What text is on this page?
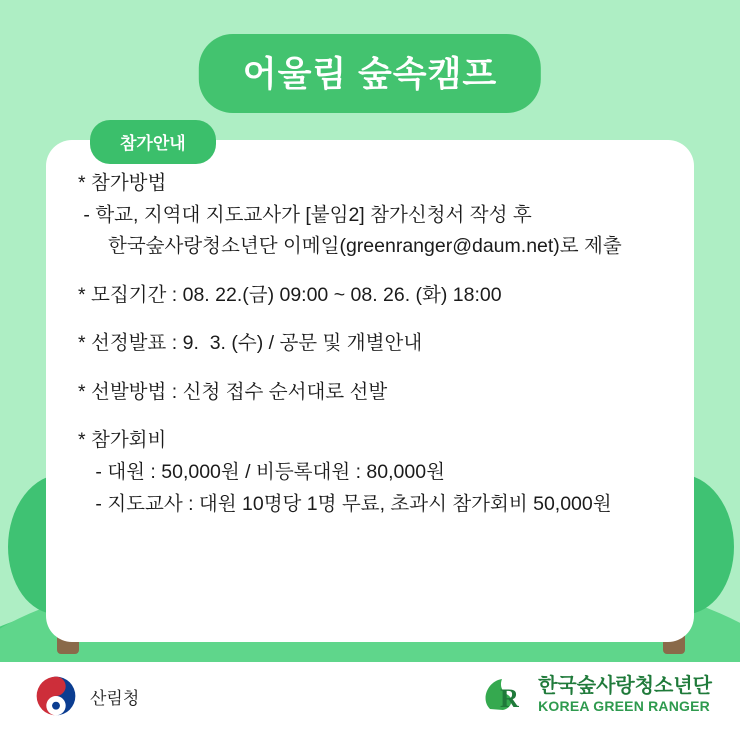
어울림 숲속캠프
참가안내
* 참가방법
- 학교, 지역대 지도교사가 [붙임2] 참가신청서 작성 후
한국숲사랑청소년단 이메일(greenranger@daum.net)로 제출
* 모집기간 : 08. 22.(금) 09:00 ~ 08. 26. (화) 18:00
* 선정발표 : 9.  3. (수) / 공문 및 개별안내
* 선발방법 : 신청 접수 순서대로 선발
* 참가회비
- 대원 : 50,000원 / 비등록대원 : 80,000원
- 지도교사 : 대원 10명당 1명 무료, 초과시 참가회비 50,000원
산림청	R 한국숲사랑청소년단
KOREA GREEN RANGER
